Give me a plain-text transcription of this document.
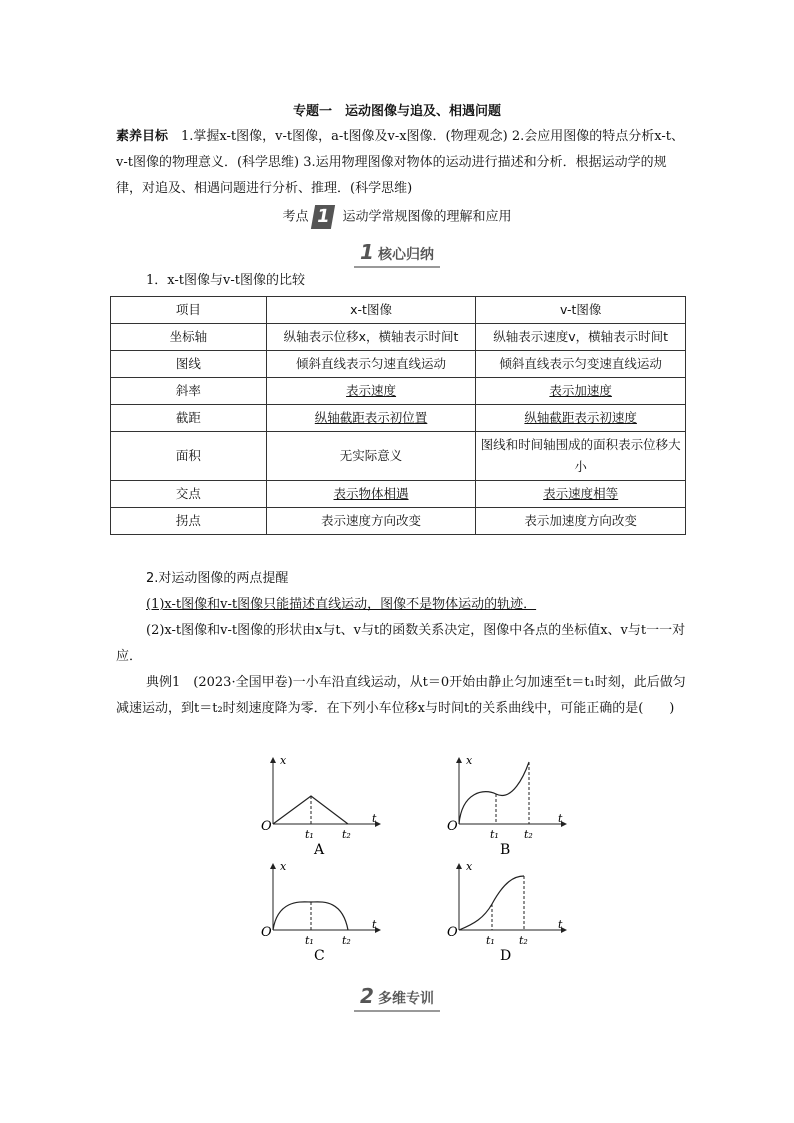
专题一　运动图像与追及、相遇问题
素养目标　 1.掌握x-t图像，v-t图像，a-t图像及v-x图像．(物理观念) 2.会应用图像的特点分析x-t、v-t图像的物理意义．(科学思维) 3.运用物理图像对物体的运动进行描述和分析．根据运动学的规律，对追及、相遇问题进行分析、推理．(科学思维)
考点 1 运动学常规图像的理解和应用
1 核心归纳
1．x-t图像与v-t图像的比较
项目	x-t图像	v-t图像
坐标轴	纵轴表示位移x，横轴表示时间t	纵轴表示速度v，横轴表示时间t
图线	倾斜直线表示匀速直线运动	倾斜直线表示匀变速直线运动
斜率	表示速度	表示加速度
截距	纵轴截距表示初位置	纵轴截距表示初速度
面积	无实际意义	图线和时间轴围成的面积表示位移大小
交点	表示物体相遇	表示速度相等
拐点	表示速度方向改变	表示加速度方向改变
2.对运动图像的两点提醒
(1)x-t图像和v-t图像只能描述直线运动，图像不是物体运动的轨迹．
(2)x-t图像和v-t图像的形状由x与t、v与t的函数关系决定，图像中各点的坐标值x、v与t一一对应．
典例1　 (2023·全国甲卷)一小车沿直线运动，从t＝0开始由静止匀加速至t＝t₁时刻，此后做匀减速运动，到t＝t₂时刻速度降为零．在下列小车位移x与时间t的关系曲线中，可能正确的是(　　)
O
x
t
t₁	t₂
A
O
x
t
t₁ t₂
B
O
x
t
t₁	t₂
C
O
x
t
t₁ t₂
D
2 多维专训
